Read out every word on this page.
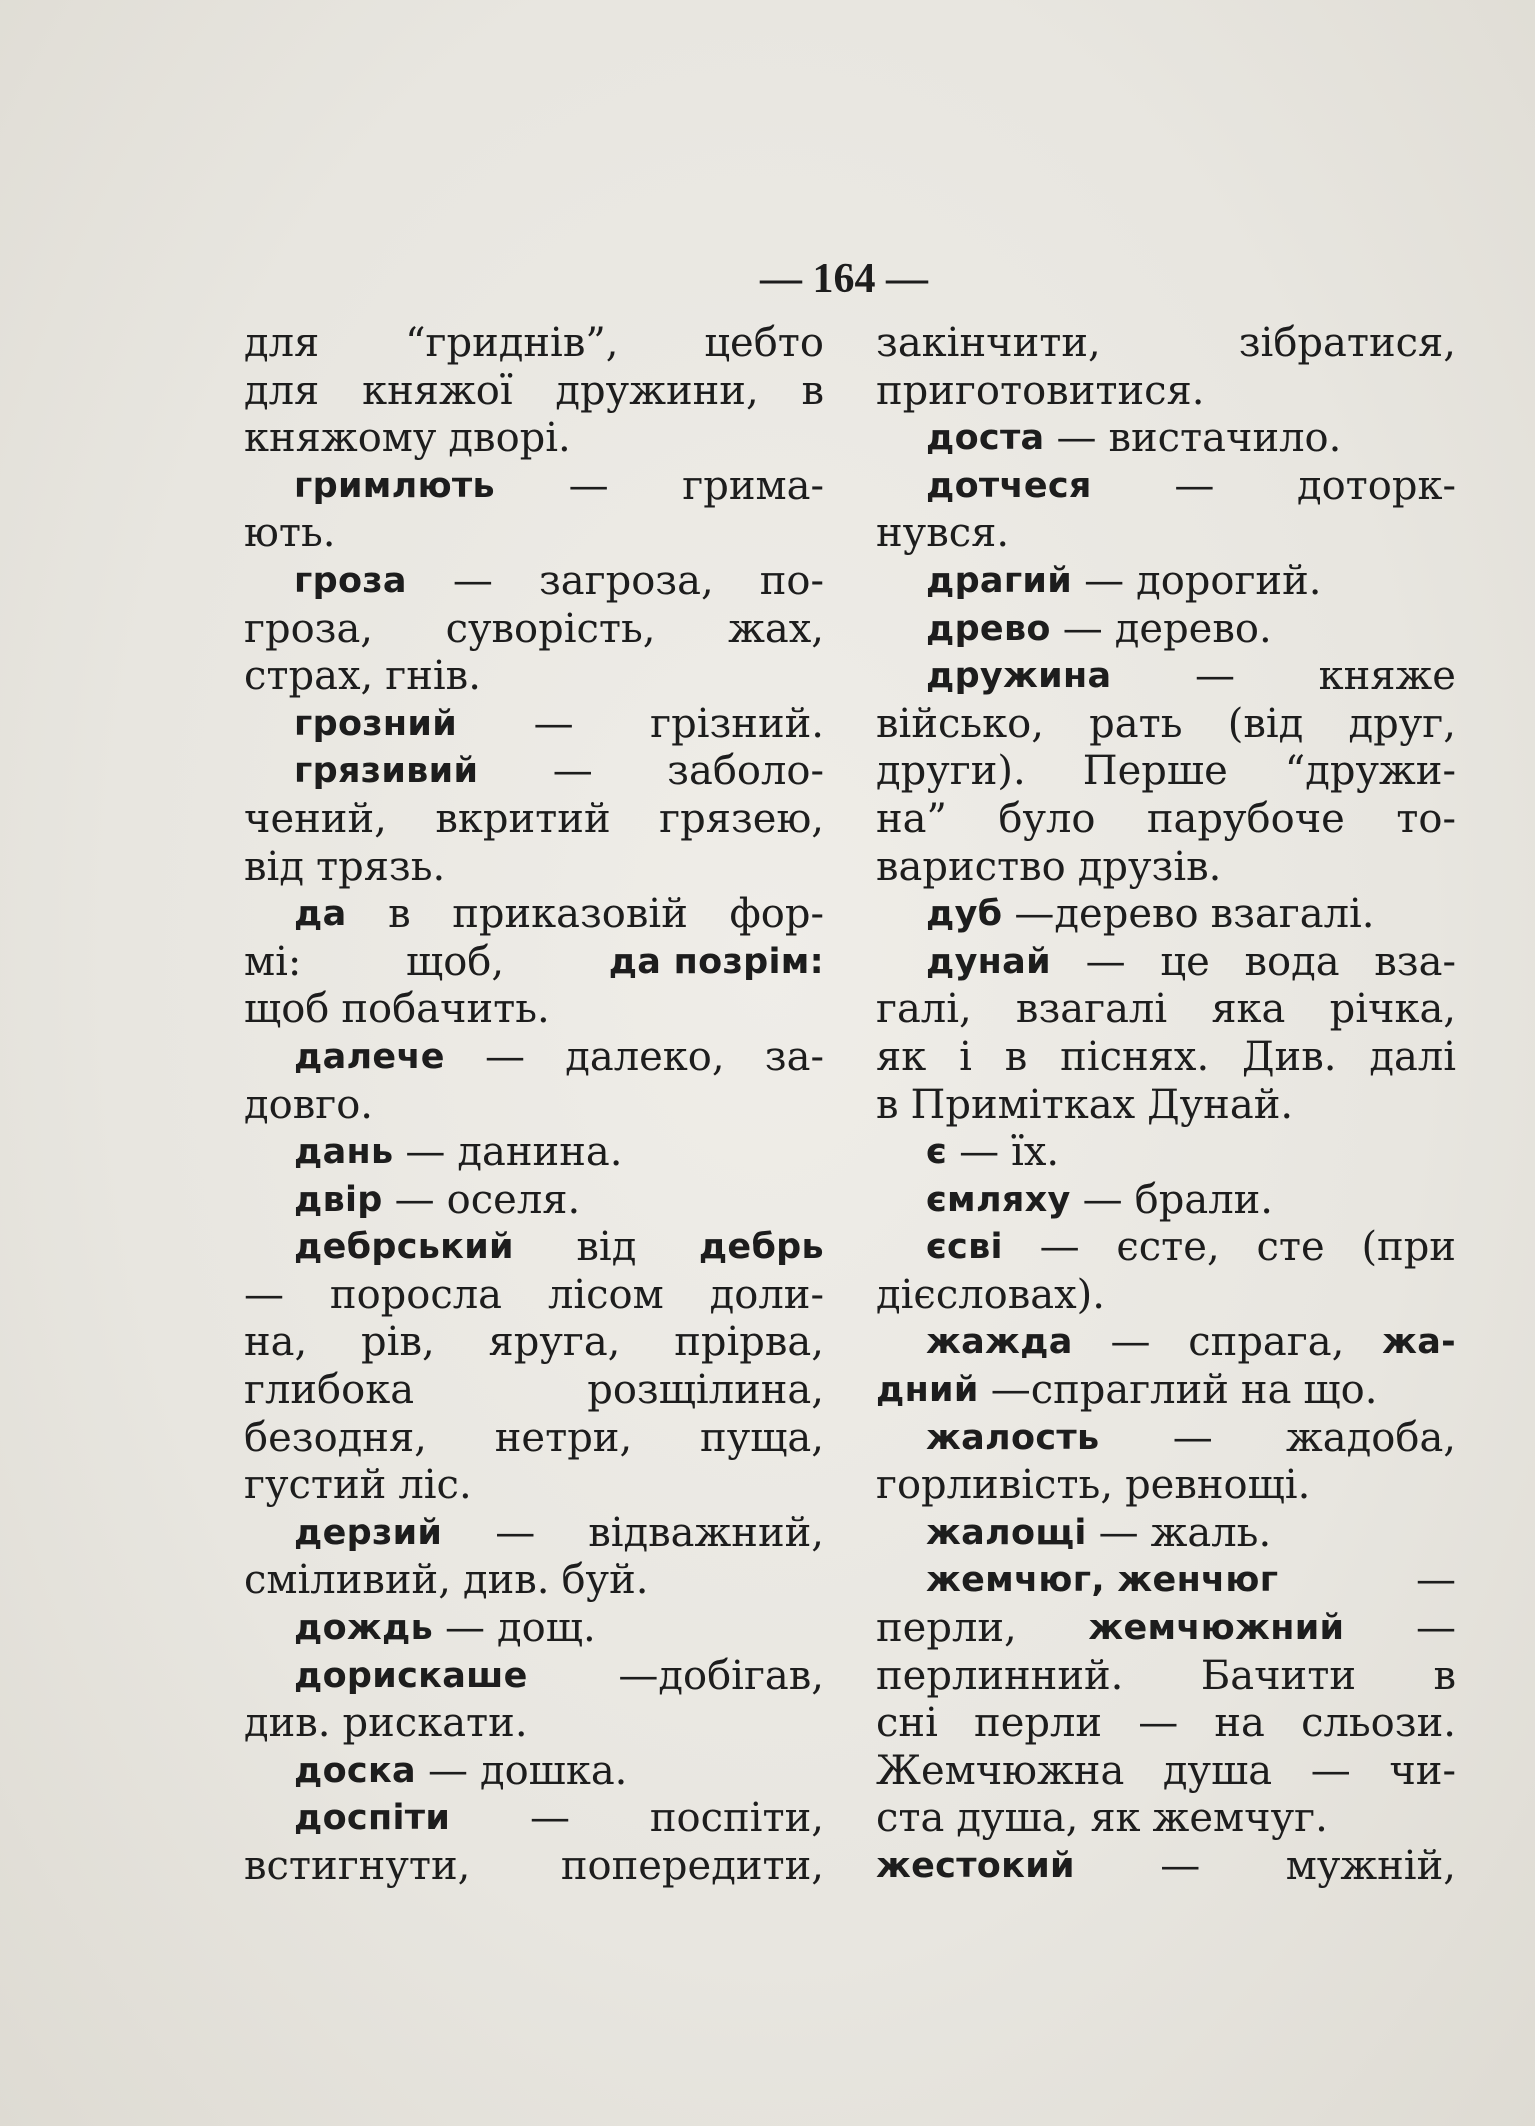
— 164 —
для “гриднів”, цебто
для княжої дружини, в
княжому дворі.
гримлють — грима-
ють.
гроза — загроза, по-
гроза, суворість, жах,
страх, гнів.
грозний — грізний.
грязивий — заболо-
чений, вкритий грязею,
від трязь.
да в приказовій фор-
мі:	щоб,	да позрім:
щоб побачить.
далече — далеко, за-
довго.
дань — данина.
двір — оселя.
дебрський від дебрь
— поросла лісом доли-
на, рів, яруга, прірва,
глибока	розщілина,
безодня, нетри, пуща,
густий ліс.
дерзий — відважний,
сміливий, див. буй.
дождь — дощ.
дорискаше —добігав,
див. рискати.
доска — дошка.
доспіти — поспіти,
встигнути, попередити,
закінчити,	зібратися,
приготовитися.
доста — вистачило.
дотчеся — доторк-
нувся.
драгий — дорогий.
древо — дерево.
дружина — княже
військо, рать (від друг,
други). Перше “дружи-
на” було парубоче то-
вариство друзів.
дуб —дерево взагалі.
дунай — це вода вза-
галі, взагалі яка річка,
як і в піснях. Див. далі
в Примітках Дунай.
є — їх.
ємляху — брали.
єсві — єсте, сте (при
дієсловах).
жажда — спрага, жа-
дний —спраглий на що.
жалость — жадоба,
горливість, ревнощі.
жалощі — жаль.
жемчюг, женчюг	—
перли, жемчюжний —
перлинний. Бачити в
сні перли — на сльози.
Жемчюжна душа — чи-
ста душа, як жемчуг.
жестокий — мужній,
